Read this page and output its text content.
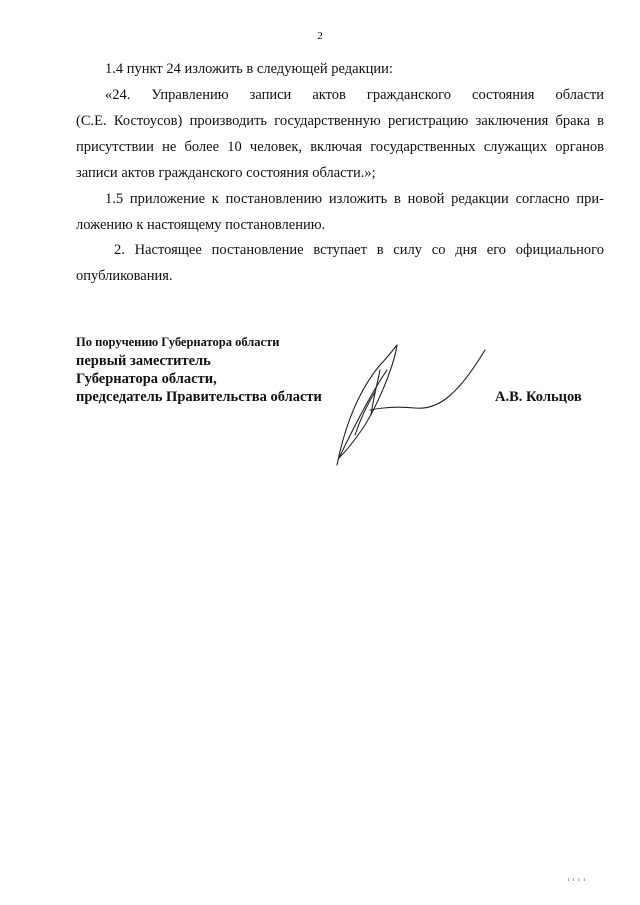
2
1.4 пункт 24 изложить в следующей редакции:
«24. Управлению записи актов гражданского состояния области
(С.Е. Костоусов) производить государственную регистрацию заключения брака в
присутствии не более 10 человек, включая государственных служащих органов
записи актов гражданского состояния области.»;
1.5 приложение к постановлению изложить в новой редакции согласно при-
ложению к настоящему постановлению.
2. Настоящее постановление вступает в силу со дня его официального
опубликования.
По поручению Губернатора области
первый заместитель
Губернатора области,
председатель Правительства области	А.В. Кольцов
ı ı ı ı
